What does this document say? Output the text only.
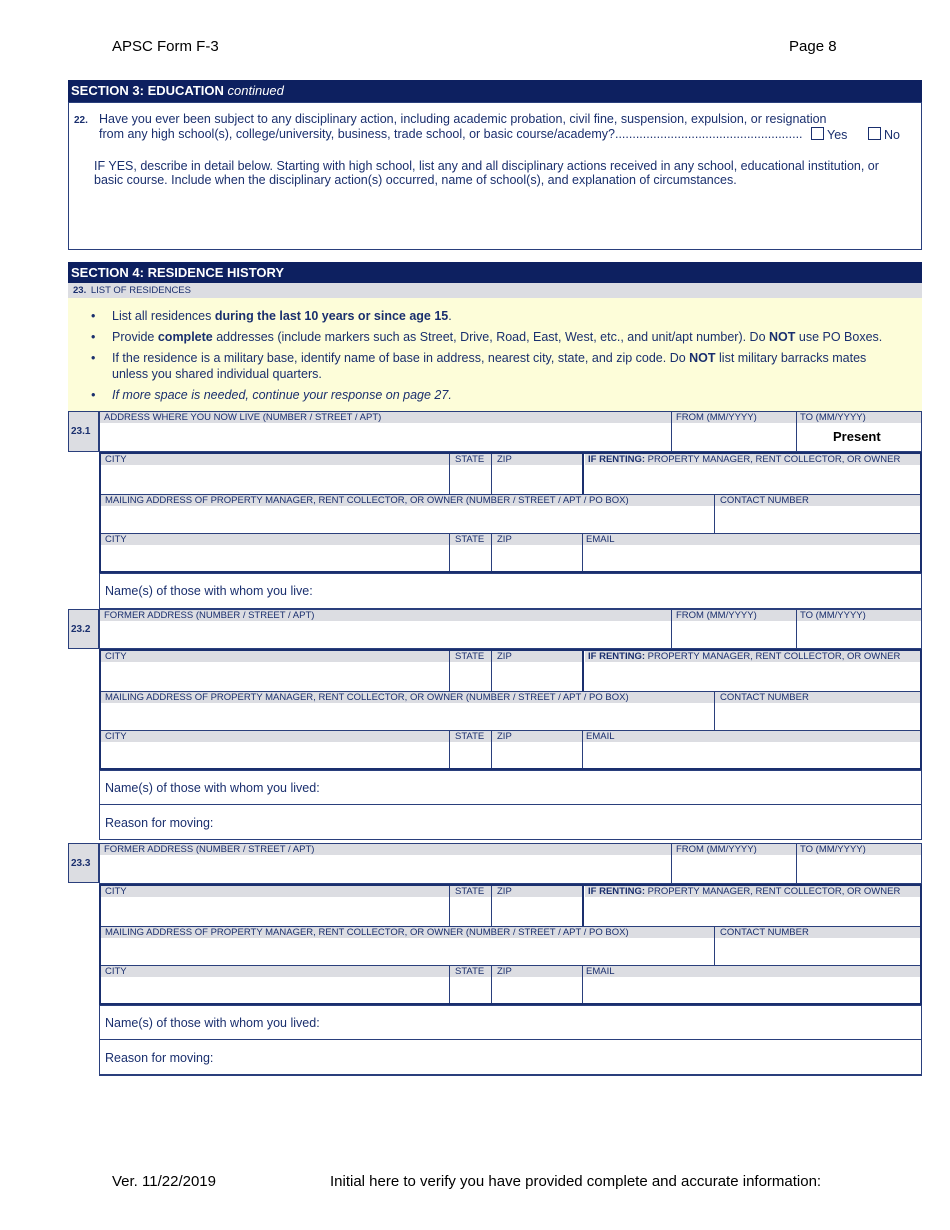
APSC Form F-3	Page 8
SECTION 3: EDUCATION continued
22. Have you ever been subject to any disciplinary action, including academic probation, civil fine, suspension, expulsion, or resignation
from any high school(s), college/university, business, trade school, or basic course/academy?......................................................	Yes	No
IF YES, describe in detail below. Starting with high school, list any and all disciplinary actions received in any school, educational institution, or
basic course. Include when the disciplinary action(s) occurred, name of school(s), and explanation of circumstances.
SECTION 4: RESIDENCE HISTORY
23. LIST OF RESIDENCES
• List all residences during the last 10 years or since age 15.
• Provide complete addresses (include markers such as Street, Drive, Road, East, West, etc., and unit/apt number). Do NOT use PO Boxes.
• If the residence is a military base, identify name of base in address, nearest city, state, and zip code. Do NOT list military barracks mates
unless you shared individual quarters.
• If more space is needed, continue your response on page 27.
23.1
ADDRESS WHERE YOU NOW LIVE (NUMBER / STREET / APT)	FROM (MM/YYYY)	TO (MM/YYYY)
Present
CITY	STATE ZIP	IF RENTING: PROPERTY MANAGER, RENT COLLECTOR, OR OWNER
MAILING ADDRESS OF PROPERTY MANAGER, RENT COLLECTOR, OR OWNER (NUMBER / STREET / APT / PO BOX)	CONTACT NUMBER
CITY	STATE ZIP	EMAIL
Name(s) of those with whom you live:
23.2
FORMER ADDRESS (NUMBER / STREET / APT)	FROM (MM/YYYY)	TO (MM/YYYY)
CITY	STATE ZIP	IF RENTING: PROPERTY MANAGER, RENT COLLECTOR, OR OWNER
MAILING ADDRESS OF PROPERTY MANAGER, RENT COLLECTOR, OR OWNER (NUMBER / STREET / APT / PO BOX)	CONTACT NUMBER
CITY	STATE ZIP	EMAIL
Name(s) of those with whom you lived:
Reason for moving:
23.3
FORMER ADDRESS (NUMBER / STREET / APT)	FROM (MM/YYYY)	TO (MM/YYYY)
CITY	STATE ZIP	IF RENTING: PROPERTY MANAGER, RENT COLLECTOR, OR OWNER
MAILING ADDRESS OF PROPERTY MANAGER, RENT COLLECTOR, OR OWNER (NUMBER / STREET / APT / PO BOX)	CONTACT NUMBER
CITY	STATE ZIP	EMAIL
Name(s) of those with whom you lived:
Reason for moving:
Ver. 11/22/2019	Initial here to verify you have provided complete and accurate information:
